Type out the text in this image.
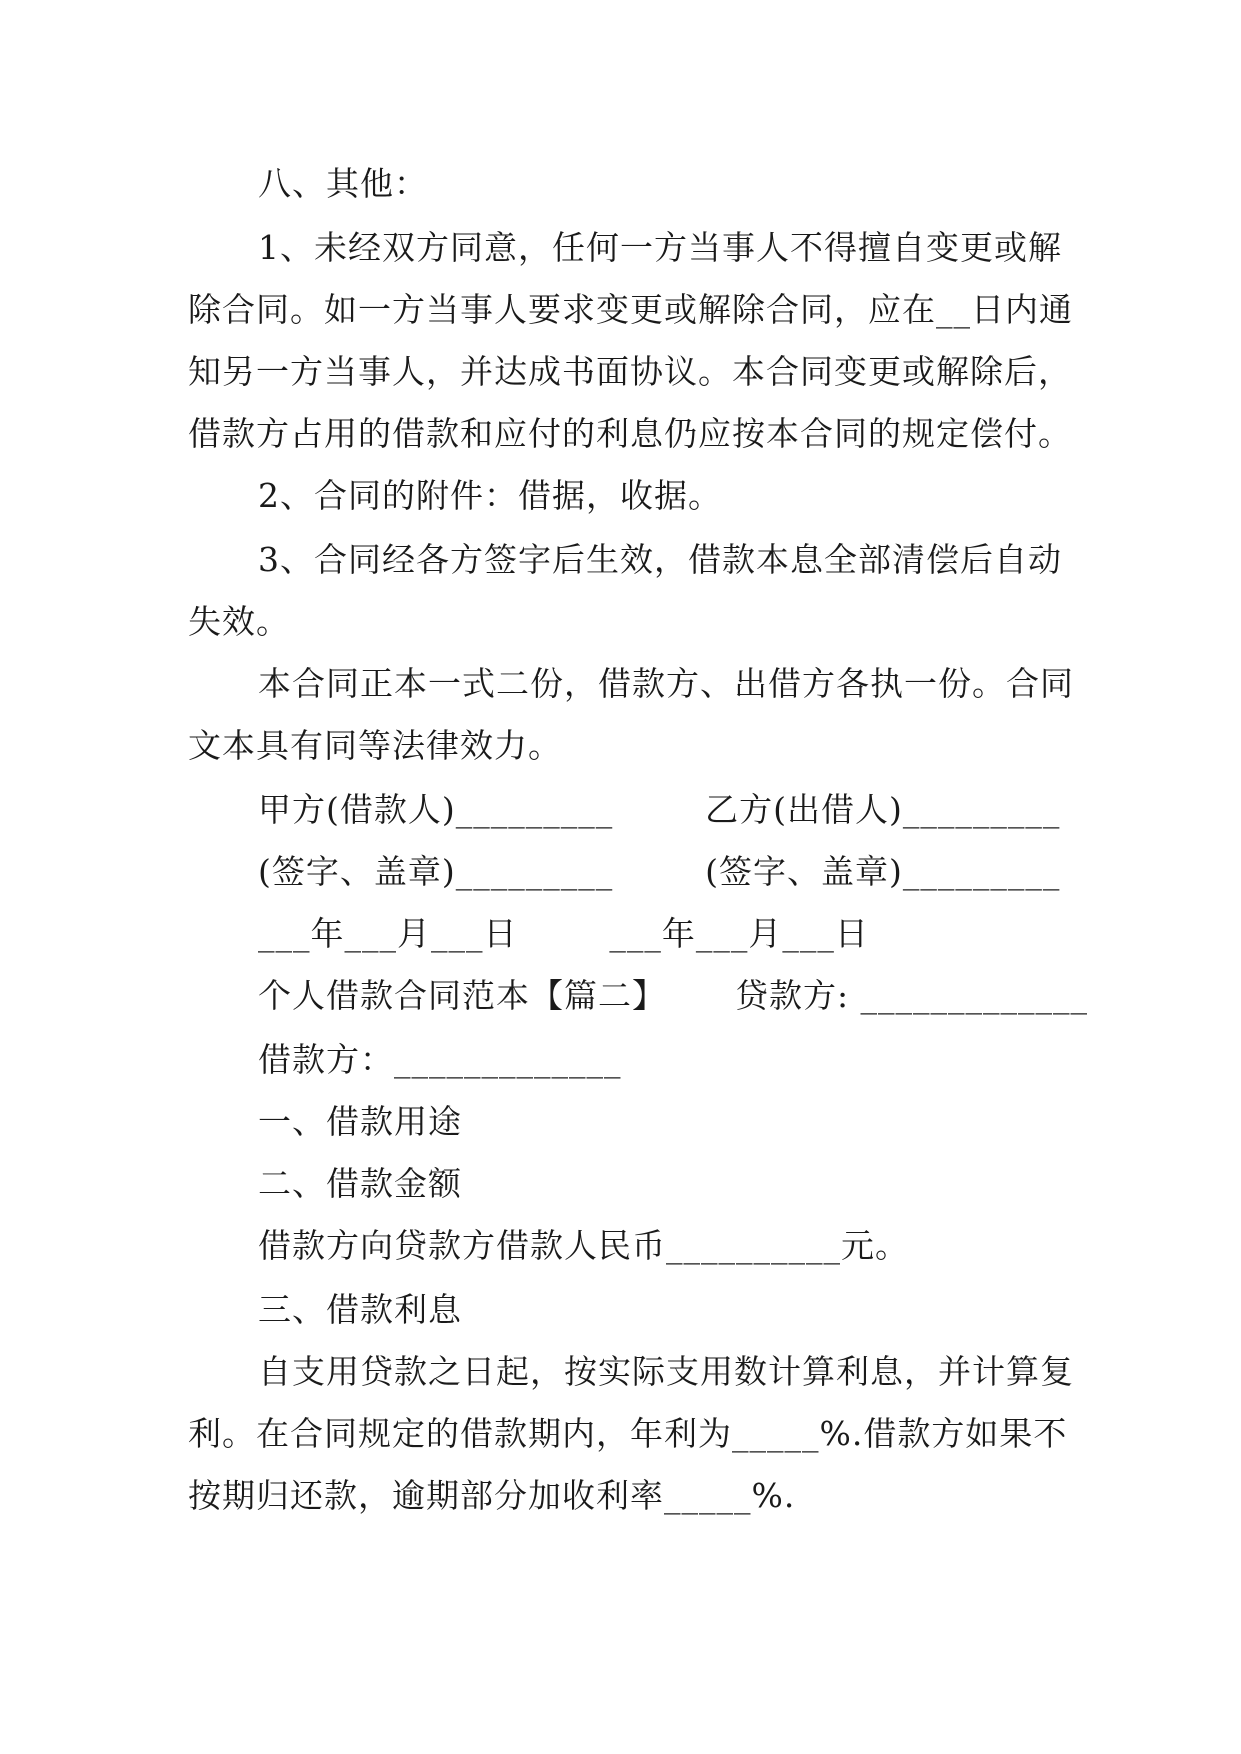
八、其他：
1、未经双方同意，任何一方当事人不得擅自变更或解
除合同。如一方当事人要求变更或解除合同，应在__日内通
知另一方当事人，并达成书面协议。本合同变更或解除后，
借款方占用的借款和应付的利息仍应按本合同的规定偿付。
2、合同的附件：借据，收据。
3、合同经各方签字后生效，借款本息全部清偿后自动
失效。
本合同正本一式二份，借款方、出借方各执一份。合同
文本具有同等法律效力。
甲方(借款人)_________        乙方(出借人)_________
(签字、盖章)_________        (签字、盖章)_________
___年___月___日        ___年___月___日
个人借款合同范本【篇二】      贷款方: _____________
借款方：_____________
一、借款用途
二、借款金额
借款方向贷款方借款人民币__________元。
三、借款利息
自支用贷款之日起，按实际支用数计算利息，并计算复
利。在合同规定的借款期内，年利为_____%.借款方如果不
按期归还款，逾期部分加收利率_____%.
